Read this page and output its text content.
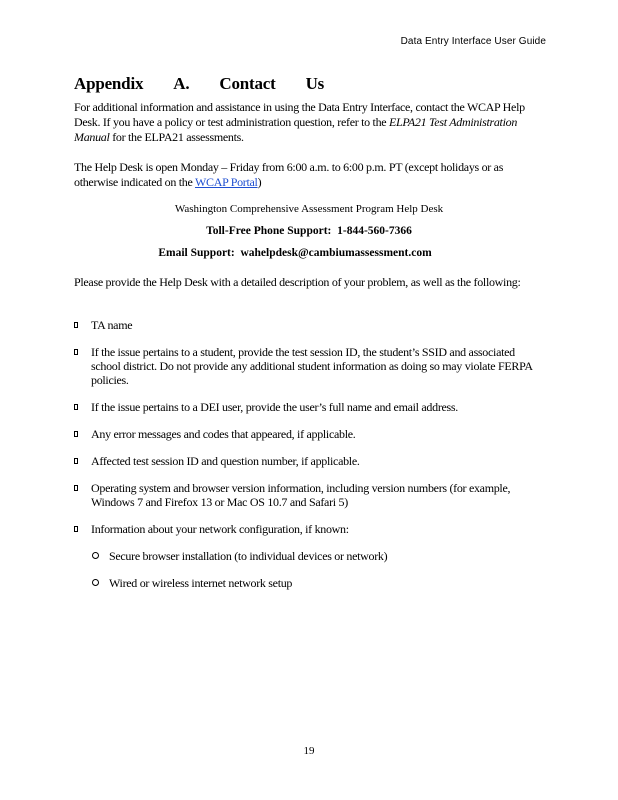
Data Entry Interface User Guide
Appendix A. Contact Us

For additional information and assistance in using the Data Entry Interface, contact the WCAP Help Desk. If you have a policy or test administration question, refer to the ELPA21 Test Administration Manual for the ELPA21 assessments.

The Help Desk is open Monday – Friday from 6:00 a.m. to 6:00 p.m. PT (except holidays or as otherwise indicated on the WCAP Portal)

Washington Comprehensive Assessment Program Help Desk
Toll-Free Phone Support: 1-844-560-7366
Email Support: wahelpdesk@cambiumassessment.com

Please provide the Help Desk with a detailed description of your problem, as well as the following:

TA name
If the issue pertains to a student, provide the test session ID, the student’s SSID and associated school district. Do not provide any additional student information as doing so may violate FERPA policies.
If the issue pertains to a DEI user, provide the user’s full name and email address.
Any error messages and codes that appeared, if applicable.
Affected test session ID and question number, if applicable.
Operating system and browser version information, including version numbers (for example, Windows 7 and Firefox 13 or Mac OS 10.7 and Safari 5)
Information about your network configuration, if known:
Secure browser installation (to individual devices or network)
Wired or wireless internet network setup
19
